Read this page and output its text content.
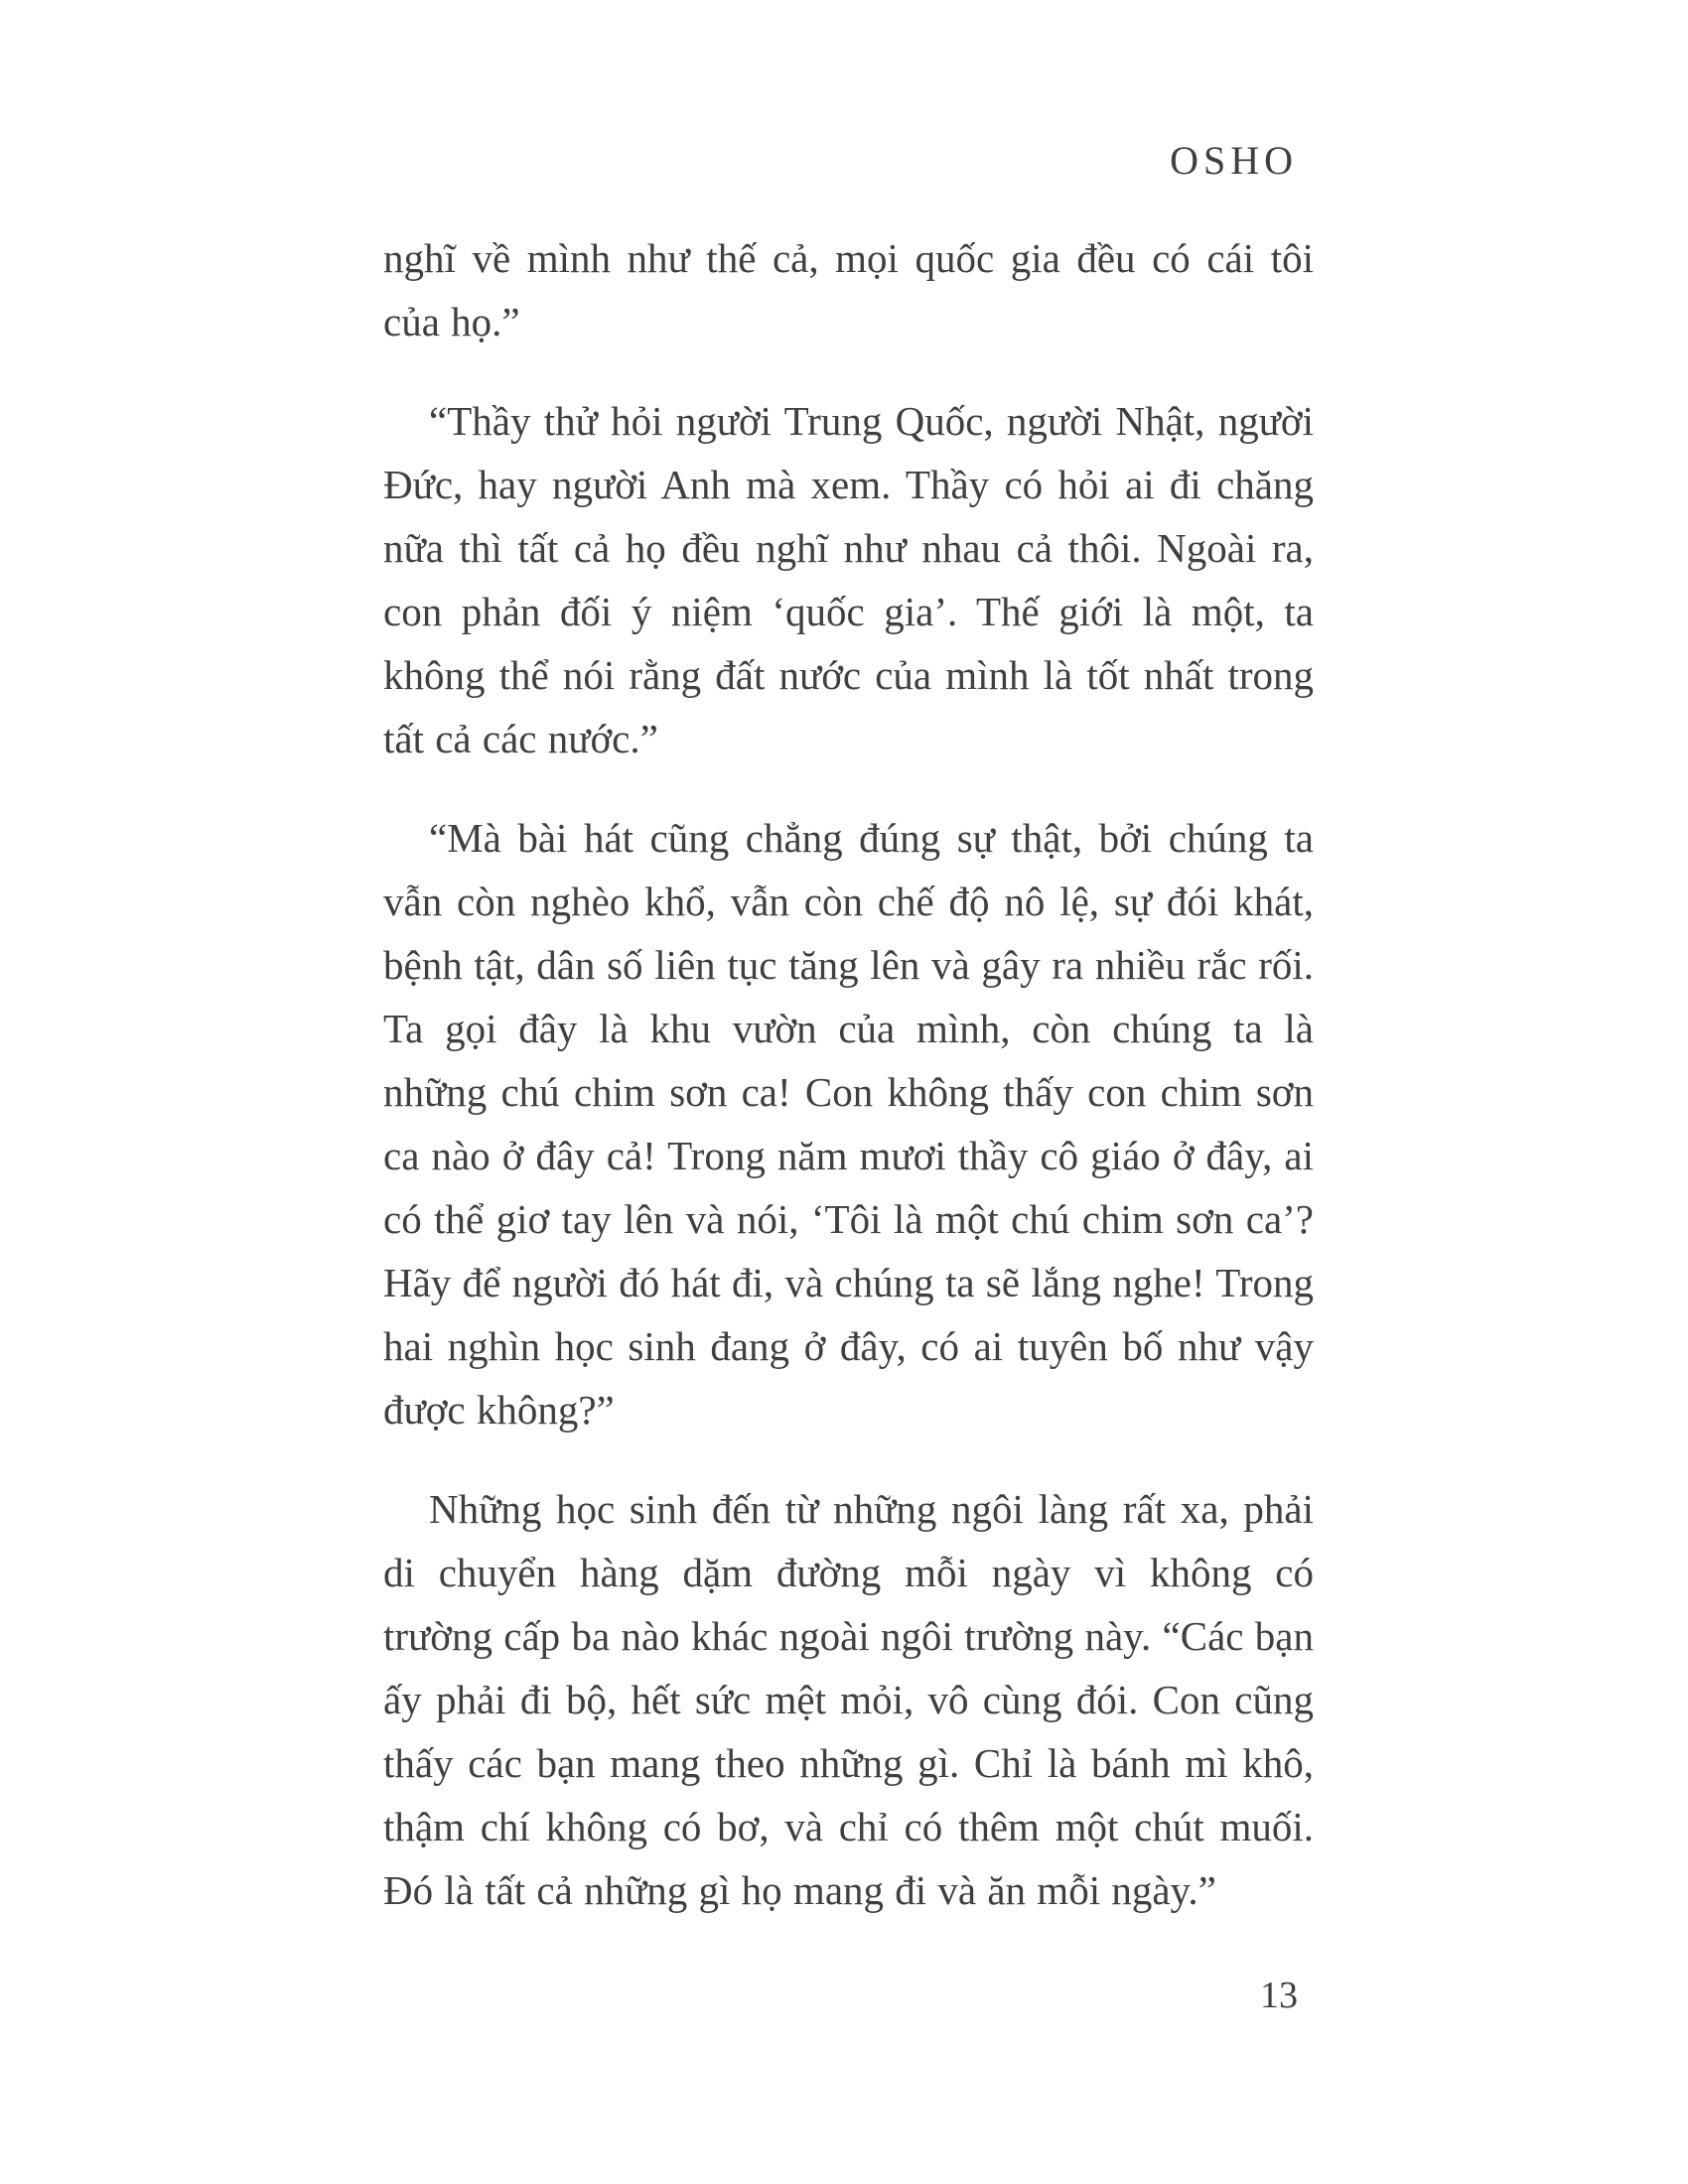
OSHO

nghĩ về mình như thế cả, mọi quốc gia đều có cái tôi của họ.”

“Thầy thử hỏi người Trung Quốc, người Nhật, người Đức, hay người Anh mà xem. Thầy có hỏi ai đi chăng nữa thì tất cả họ đều nghĩ như nhau cả thôi. Ngoài ra, con phản đối ý niệm ‘quốc gia’. Thế giới là một, ta không thể nói rằng đất nước của mình là tốt nhất trong tất cả các nước.”

“Mà bài hát cũng chẳng đúng sự thật, bởi chúng ta vẫn còn nghèo khổ, vẫn còn chế độ nô lệ, sự đói khát, bệnh tật, dân số liên tục tăng lên và gây ra nhiều rắc rối. Ta gọi đây là khu vườn của mình, còn chúng ta là những chú chim sơn ca! Con không thấy con chim sơn ca nào ở đây cả! Trong năm mươi thầy cô giáo ở đây, ai có thể giơ tay lên và nói, ‘Tôi là một chú chim sơn ca’? Hãy để người đó hát đi, và chúng ta sẽ lắng nghe! Trong hai nghìn học sinh đang ở đây, có ai tuyên bố như vậy được không?”

Những học sinh đến từ những ngôi làng rất xa, phải di chuyển hàng dặm đường mỗi ngày vì không có trường cấp ba nào khác ngoài ngôi trường này. “Các bạn ấy phải đi bộ, hết sức mệt mỏi, vô cùng đói. Con cũng thấy các bạn mang theo những gì. Chỉ là bánh mì khô, thậm chí không có bơ, và chỉ có thêm một chút muối. Đó là tất cả những gì họ mang đi và ăn mỗi ngày.”

13
